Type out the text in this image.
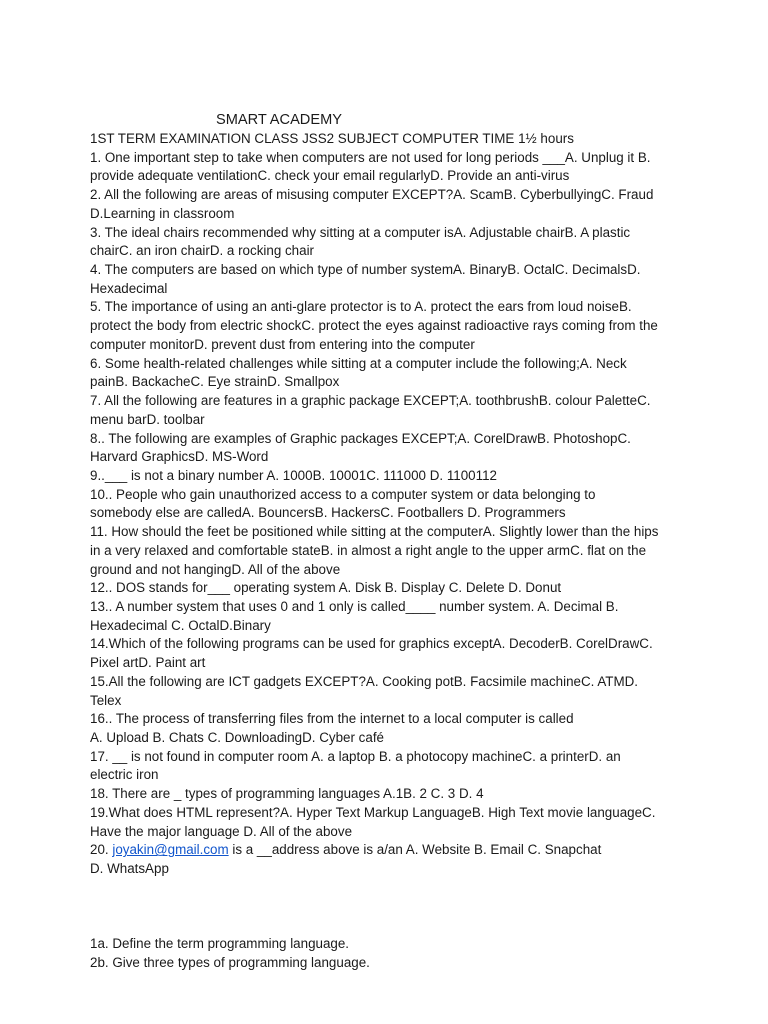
SMART ACADEMY
1ST TERM EXAMINATION CLASS JSS2 SUBJECT COMPUTER TIME 1½ hours
1. One important step to take when computers are not used for long periods ___A. Unplug it B.
provide adequate ventilationC. check your email regularlyD. Provide an anti-virus
2. All the following are areas of misusing computer EXCEPT?A. ScamB. CyberbullyingC. Fraud
D.Learning in classroom
3. The ideal chairs recommended why sitting at a computer isA. Adjustable chairB. A plastic
chairC. an iron chairD. a rocking chair
4. The computers are based on which type of number systemA. BinaryB. OctalC. DecimalsD.
Hexadecimal
5. The importance of using an anti-glare protector is to A. protect the ears from loud noiseB.
protect the body from electric shockC. protect the eyes against radioactive rays coming from the
computer monitorD. prevent dust from entering into the computer
6. Some health-related challenges while sitting at a computer include the following;A. Neck
painB. BackacheC. Eye strainD. Smallpox
7. All the following are features in a graphic package EXCEPT;A. toothbrushB. colour PaletteC.
menu barD. toolbar
8.. The following are examples of Graphic packages EXCEPT;A. CorelDrawB. PhotoshopC.
Harvard GraphicsD. MS-Word
9..___ is not a binary number A. 1000B. 10001C. 111000 D. 1100112
10.. People who gain unauthorized access to a computer system or data belonging to
somebody else are calledA. BouncersB. HackersC. Footballers D. Programmers
11. How should the feet be positioned while sitting at the computerA. Slightly lower than the hips
in a very relaxed and comfortable stateB. in almost a right angle to the upper armC. flat on the
ground and not hangingD. All of the above
12.. DOS stands for___ operating system A. Disk B. Display C. Delete D. Donut
13.. A number system that uses 0 and 1 only is called____ number system. A. Decimal B.
Hexadecimal C. OctalD.Binary
14.Which of the following programs can be used for graphics exceptA. DecoderB. CorelDrawC.
Pixel artD. Paint art
15.All the following are ICT gadgets EXCEPT?A. Cooking potB. Facsimile machineC. ATMD.
Telex
16.. The process of transferring files from the internet to a local computer is called
A. Upload B. Chats C. DownloadingD. Cyber café
17. __ is not found in computer room A. a laptop B. a photocopy machineC. a printerD. an
electric iron
18. There are _ types of programming languages A.1B. 2 C. 3 D. 4
19.What does HTML represent?A. Hyper Text Markup LanguageB. High Text movie languageC.
Have the major language D. All of the above
20. joyakin@gmail.com is a __address above is a/an A. Website B. Email C. Snapchat
D. WhatsApp
1a. Define the term programming language.
2b. Give three types of programming language.
